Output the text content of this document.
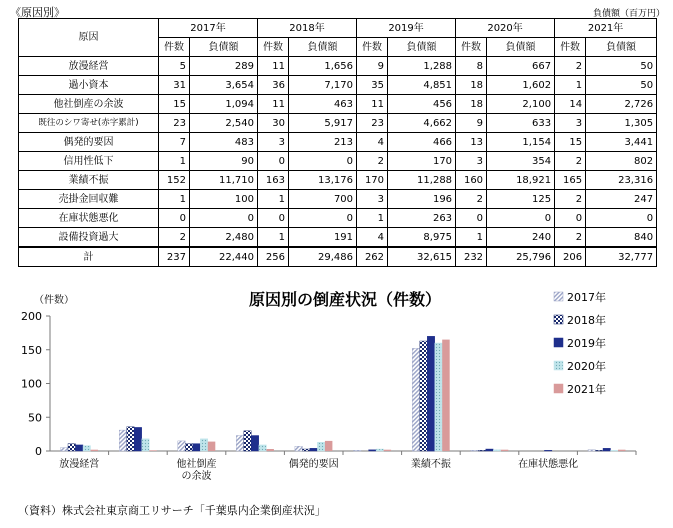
《原因別》	負債額（百万円）
原因	2017年		2018年		2019年		2020年		2021年	
	件数	負債額	件数	負債額	件数	負債額	件数	負債額	件数	負債額
放漫経営	5	289	11	1,656	9	1,288	8	667	2	50
過小資本	31	3,654	36	7,170	35	4,851	18	1,602	1	50
他社倒産の余波	15	1,094	11	463	11	456	18	2,100	14	2,726
既往のシワ寄せ(赤字累計)	23	2,540	30	5,917	23	4,662	9	633	3	1,305
偶発的要因	7	483	3	213	4	466	13	1,154	15	3,441
信用性低下	1	90	0	0	2	170	3	354	2	802
業績不振	152	11,710	163	13,176	170	11,288	160	18,921	165	23,316
売掛金回収難	1	100	1	700	3	196	2	125	2	247
在庫状態悪化	0	0	0	0	1	263	0	0	0	0
設備投資過大	2	2,480	1	191	4	8,975	1	240	2	840
計	237	22,440	256	29,486	262	32,615	232	25,796	206	32,777
原因別の倒産状況（件数）
（件数）
0
50
100
150
200
放漫経営	他社倒産
の余波
偶発的要因	業績不振	在庫状態悪化
2017年
2018年
2019年
2020年
2021年
（資料）株式会社東京商工リサーチ「千葉県内企業倒産状況」
